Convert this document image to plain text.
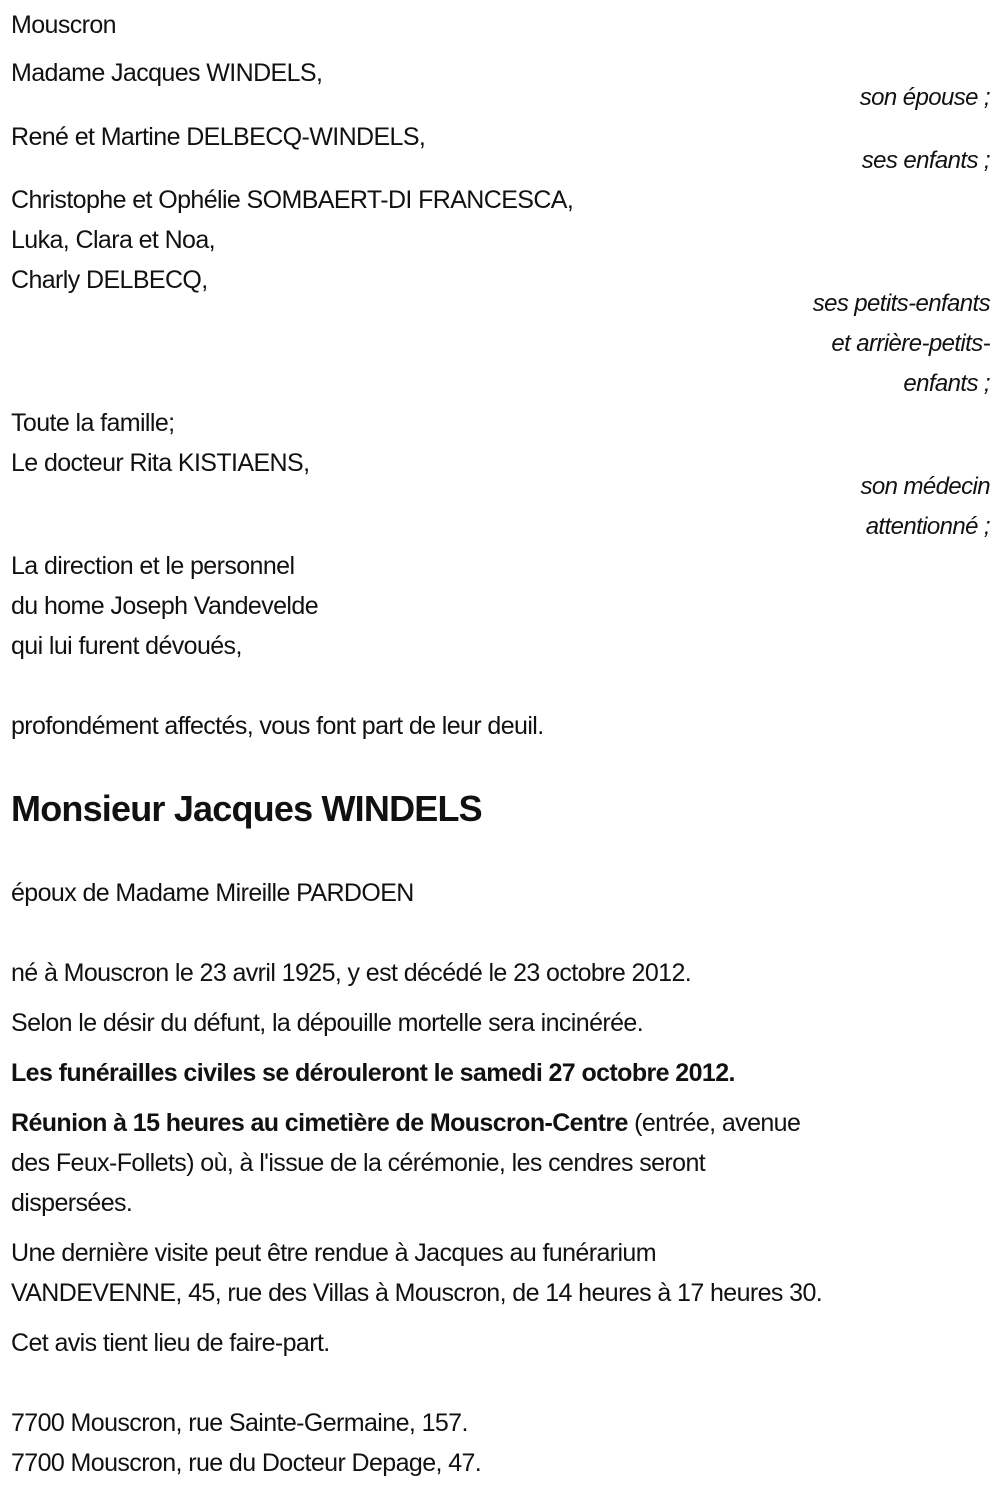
Mouscron
Madame Jacques WINDELS,
son épouse ;
René et Martine DELBECQ-WINDELS,
ses enfants ;
Christophe et Ophélie SOMBAERT-DI FRANCESCA,
Luka, Clara et Noa,
Charly DELBECQ,
ses petits-enfants
et arrière-petits-
enfants ;
Toute la famille;
Le docteur Rita KISTIAENS,
son médecin
attentionné ;
La direction et le personnel
du home Joseph Vandevelde
qui lui furent dévoués,
profondément affectés, vous font part de leur deuil.
Monsieur Jacques WINDELS
époux de Madame Mireille PARDOEN
né à Mouscron le 23 avril 1925, y est décédé le 23 octobre 2012.
Selon le désir du défunt, la dépouille mortelle sera incinérée.
Les funérailles civiles se dérouleront le samedi 27 octobre 2012.
Réunion à 15 heures au cimetière de Mouscron-Centre (entrée, avenue
des Feux-Follets) où, à l'issue de la cérémonie, les cendres seront
dispersées.
Une dernière visite peut être rendue à Jacques au funérarium
VANDEVENNE, 45, rue des Villas à Mouscron, de 14 heures à 17 heures 30.
Cet avis tient lieu de faire-part.
7700 Mouscron, rue Sainte-Germaine, 157.
7700 Mouscron, rue du Docteur Depage, 47.
